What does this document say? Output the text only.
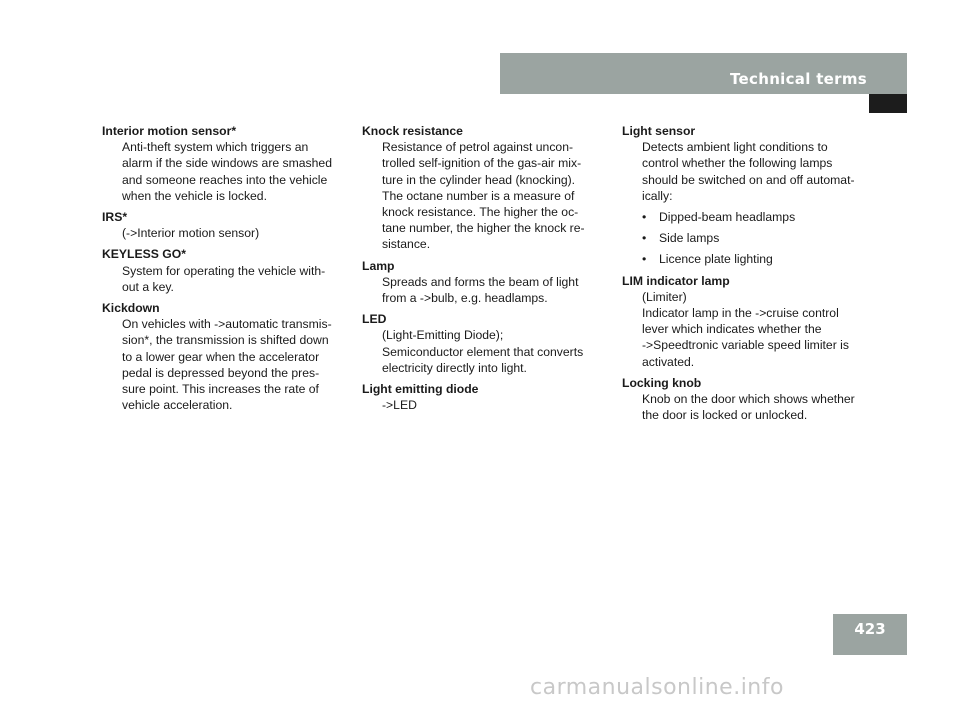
Technical terms
Interior motion sensor*
Anti-theft system which triggers an
alarm if the side windows are smashed
and someone reaches into the vehicle
when the vehicle is locked.
IRS*
(->Interior motion sensor)
KEYLESS GO*
System for operating the vehicle with-
out a key.
Kickdown
On vehicles with ->automatic transmis-
sion*, the transmission is shifted down
to a lower gear when the accelerator
pedal is depressed beyond the pres-
sure point. This increases the rate of
vehicle acceleration.
Knock resistance
Resistance of petrol against uncon-
trolled self-ignition of the gas-air mix-
ture in the cylinder head (knocking).
The octane number is a measure of
knock resistance. The higher the oc-
tane number, the higher the knock re-
sistance.
Lamp
Spreads and forms the beam of light
from a ->bulb, e.g. headlamps.
LED
(Light-Emitting Diode);
Semiconductor element that converts
electricity directly into light.
Light emitting diode
->LED
Light sensor
Detects ambient light conditions to
control whether the following lamps
should be switched on and off automat-
ically:
• Dipped-beam headlamps
• Side lamps
• Licence plate lighting
LIM indicator lamp
(Limiter)
Indicator lamp in the ->cruise control
lever which indicates whether the
->Speedtronic variable speed limiter is
activated.
Locking knob
Knob on the door which shows whether
the door is locked or unlocked.
423
carmanualsonline.info
